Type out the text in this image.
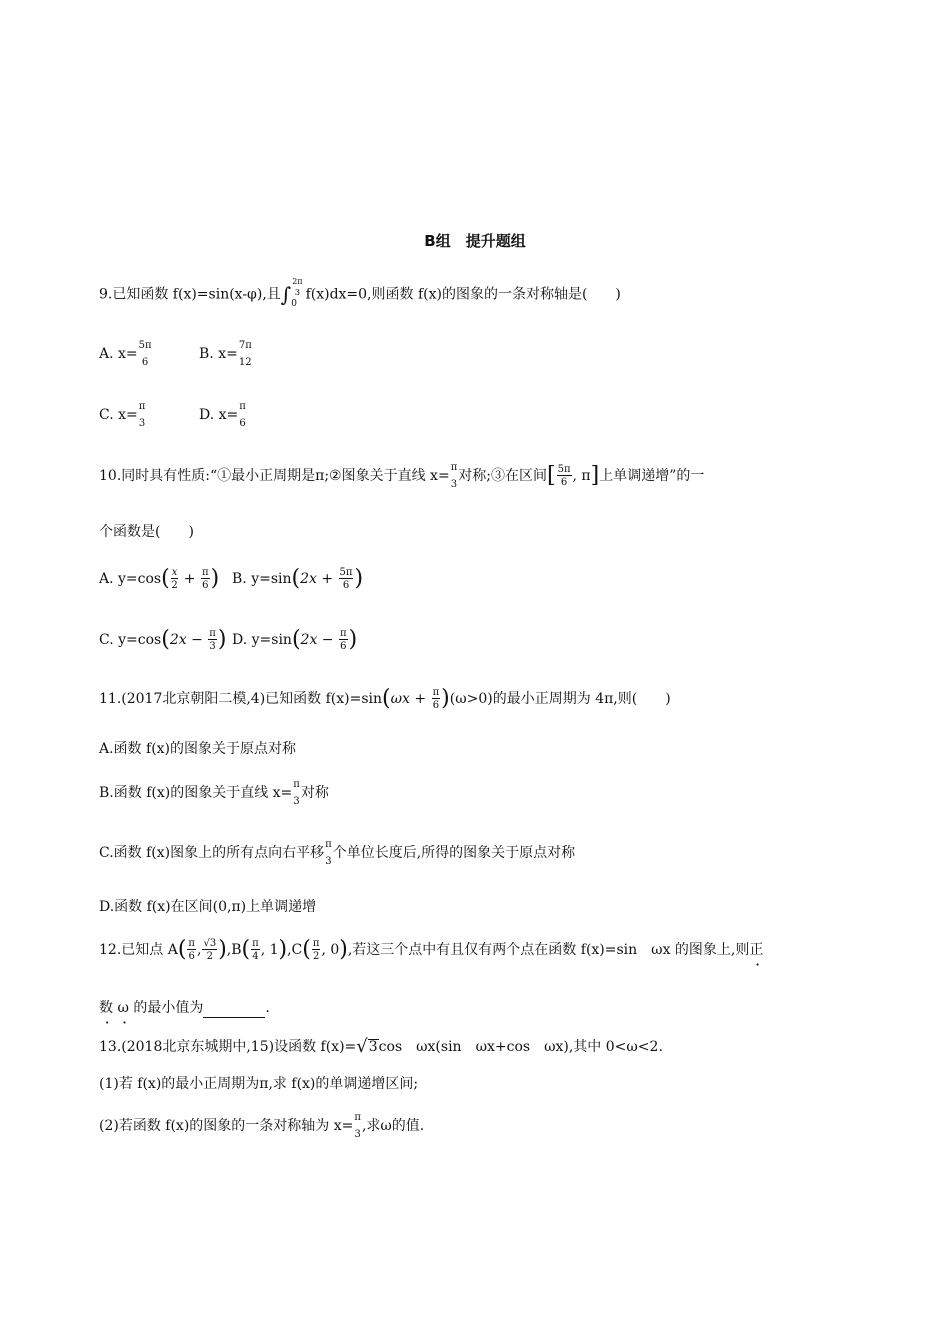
B组　提升题组
9.已知函数 f(x)=sin(x-φ),且∫
2π
3

0f(x)dx=0,则函数 f(x)的图象的一条对称轴是(　　)
A. x=
5π
6
B. x=
7π
12
C. x=
π
3
D. x=
π
6
10.同时具有性质:“①最小正周期是π;②图象关于直线 x=
π
3
对称;③在区间[ $\frac{5\pi}{6}$ , π]上单调递增”的一
个函数是(　　)
A. $y=\cos( \frac{x}{2} + \frac{\pi}{6}$ ) B. $y=\sin(2x + \frac{5\pi}{6}$ )
C. $y=\cos(2x - \frac{\pi}{3}$ ) D. $y=\sin(2x - \frac{\pi}{6}$ )
11.(2017北京朝阳二模,4)已知函数 $f(x)=\sin(\omega x + \frac{\pi}{6} )(\omega>0)$的最小正周期为 4π,则(　　)
A.函数 f(x)的图象关于原点对称
B.函数 f(x)的图象关于直线 x=
π
3
对称
C.函数 f(x)图象上的所有点向右平移
π
3
个单位长度后,所得的图象关于原点对称
D.函数 f(x)在区间(0,π)上单调递增
12.已知点 $A( \frac{\pi}{6}$ , $\frac{√3}{2} ),B( \frac{\pi}{4}$ , $1),C( \frac{\pi}{2}$ , 0),若这三个点中有且仅有两个点在函数 f(x)=sin　ωx 的图象上,则正
数 ω · 的最小值为	.
13.(2018北京东城期中,15)设函数 f(x)=√3cos　ωx(sin　ωx+cos　ωx),其中 0<ω<2.
(1)若 f(x)的最小正周期为π,求 f(x)的单调递增区间;
(2)若函数 f(x)的图象的一条对称轴为 x=
π
3
,求ω的值.
